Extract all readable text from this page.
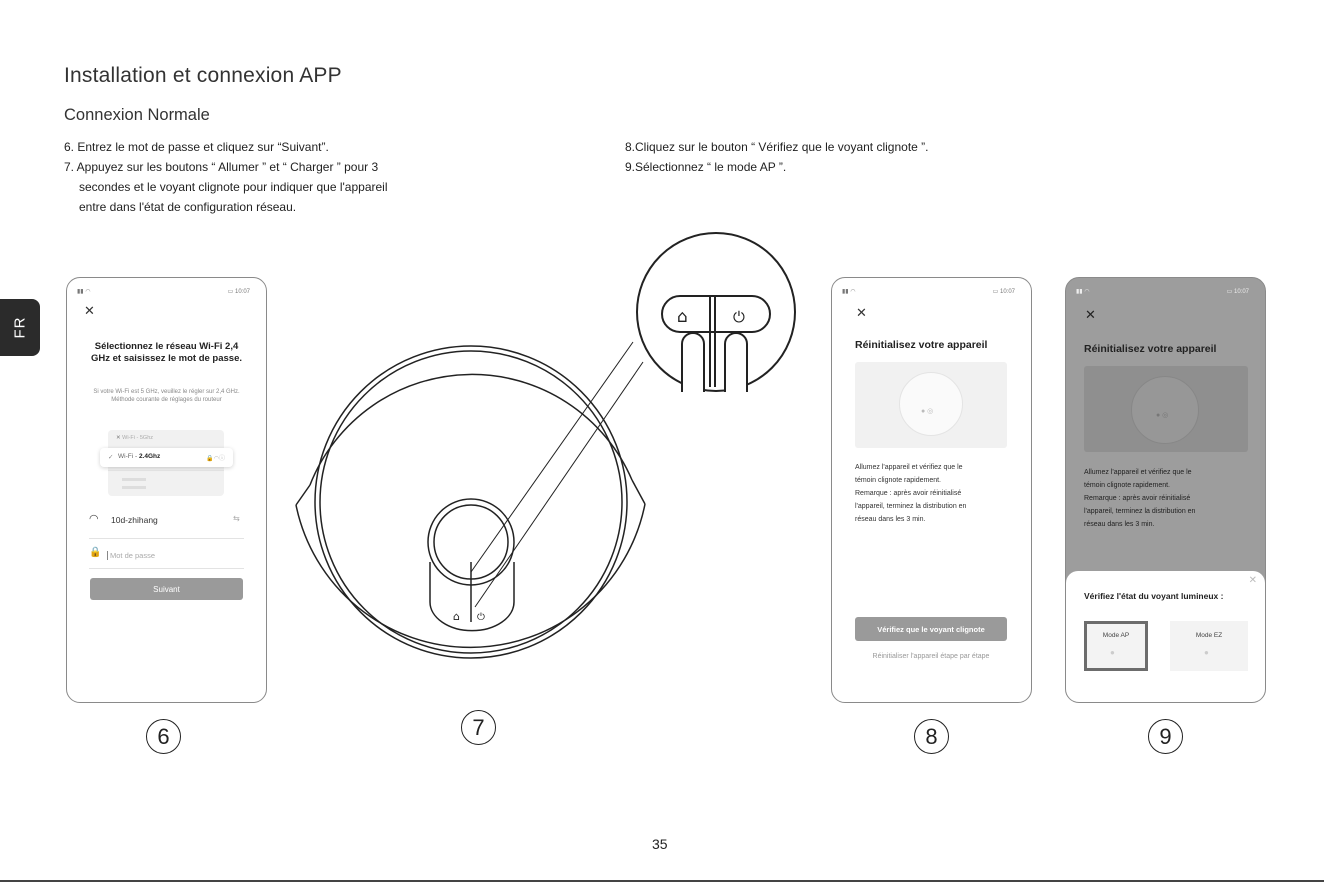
Installation et connexion APP
Connexion Normale
6. Entrez le mot de passe et cliquez sur “Suivant”.
7. Appuyez sur les boutons “ Allumer ” et “ Charger ” pour 3
secondes et le voyant clignote pour indiquer que l'appareil
entre dans l'état de configuration réseau.
8.Cliquez sur le bouton “ Vérifiez que le voyant clignote ”.
9.Sélectionnez “ le mode AP ”.
FR
▮▮ ◠	▭ 10:07
✕
Sélectionnez le réseau Wi-Fi 2,4 GHz et saisissez le mot de passe.
Si votre Wi-Fi est 5 GHz, veuillez le régler sur 2,4 GHz. Méthode courante de réglages du routeur
✕ Wi-Fi - 5Ghz
✓ Wi-Fi - 2.4Ghz	🔒◠ⓘ
◠ 10d-zhihang	⇆
🔒 Mot de passe
Suivant
⌂ ⏻
⌂	⏻
▮▮ ◠	▭ 10:07
✕
Réinitialisez votre appareil
● ◎
Allumez l'appareil et vérifiez que le
témoin clignote rapidement.
Remarque : après avoir réinitialisé
l'appareil, terminez la distribution en
réseau dans les 3 min.
Vérifiez que le voyant clignote
Réinitialiser l'appareil étape par étape
▮▮ ◠	▭ 10:07
✕
Réinitialisez votre appareil
● ◎
Allumez l'appareil et vérifiez que le
témoin clignote rapidement.
Remarque : après avoir réinitialisé
l'appareil, terminez la distribution en
réseau dans les 3 min.
✕
Vérifiez l'état du voyant lumineux :
Mode AP
●
Mode EZ
●
6	7	8	9
35
